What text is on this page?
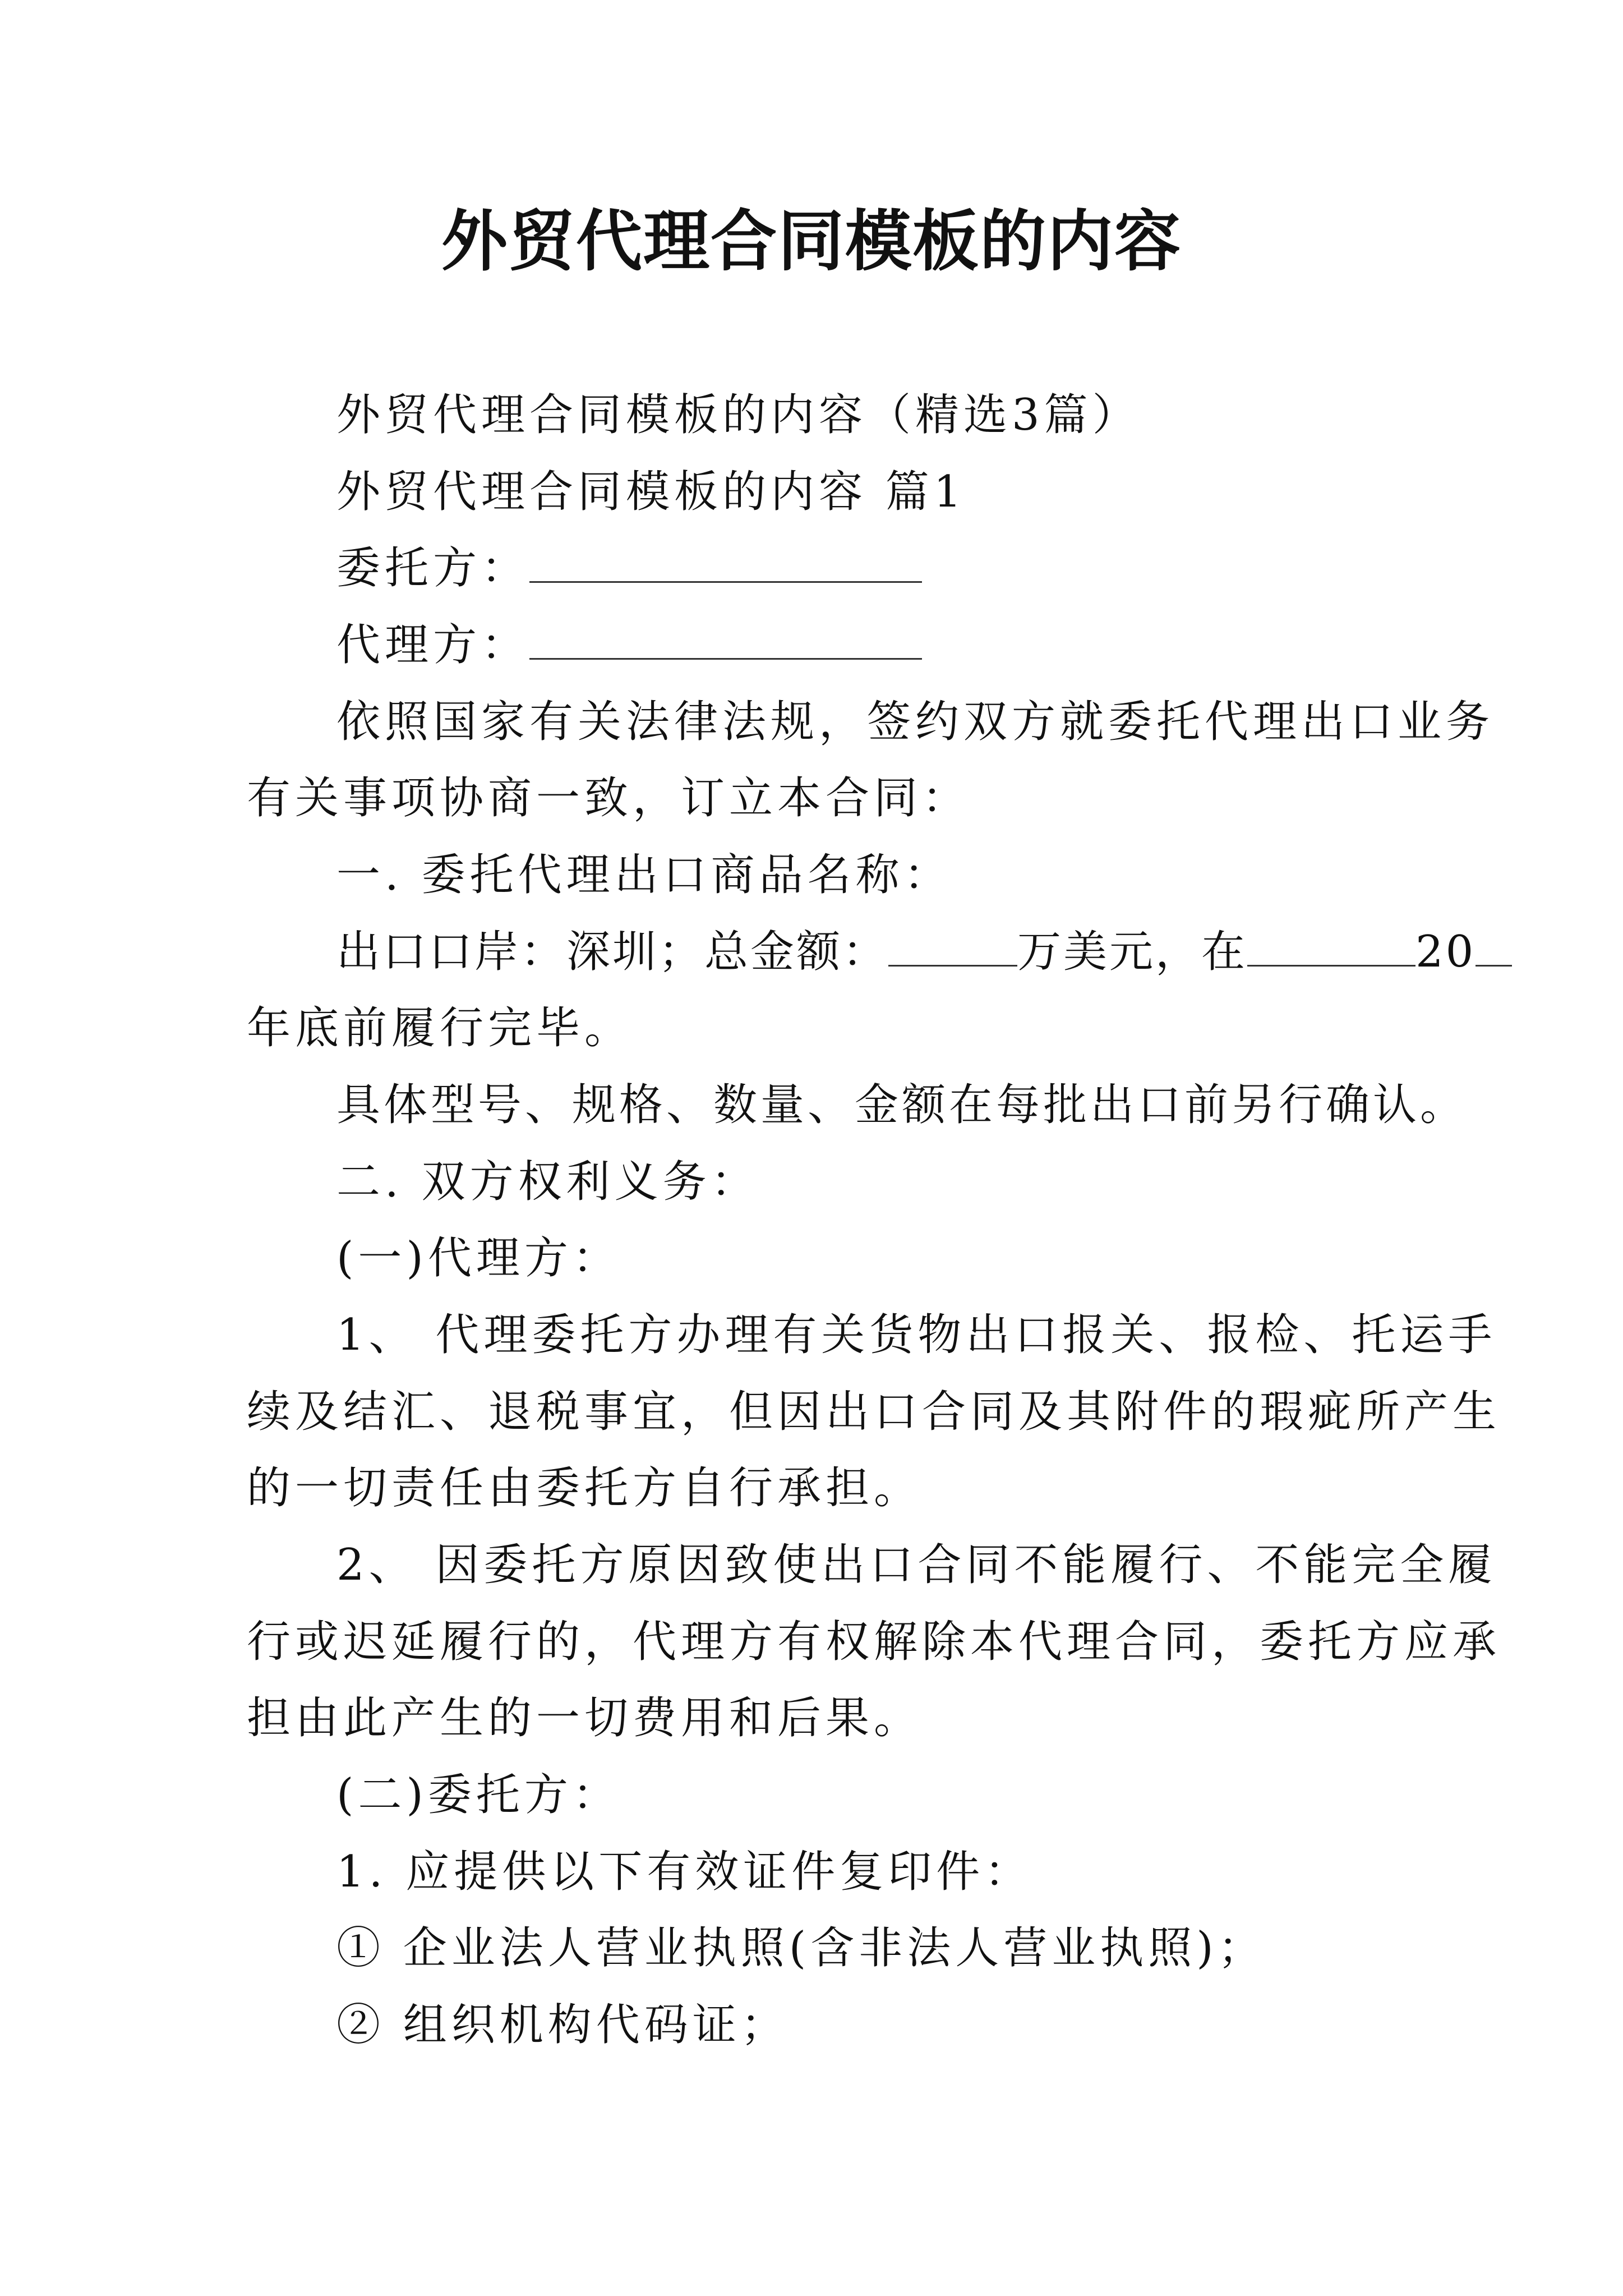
外贸代理合同模板的内容
外贸代理合同模板的内容（精选3篇）
外贸代理合同模板的内容 篇1
委托方：
代理方：
依照国家有关法律法规，签约双方就委托代理出口业务
有关事项协商一致，订立本合同：
一. 委托代理出口商品名称：
出口口岸：深圳；总金额：	万美元，在	20
年底前履行完毕。
具体型号、规格、数量、金额在每批出口前另行确认。
二. 双方权利义务：
(一)代理方：
1、 代理委托方办理有关货物出口报关、报检、托运手
续及结汇、退税事宜，但因出口合同及其附件的瑕疵所产生
的一切责任由委托方自行承担。
2、 因委托方原因致使出口合同不能履行、不能完全履
行或迟延履行的，代理方有权解除本代理合同，委托方应承
担由此产生的一切费用和后果。
(二)委托方：
1. 应提供以下有效证件复印件：
① 企业法人营业执照(含非法人营业执照)；
② 组织机构代码证；
